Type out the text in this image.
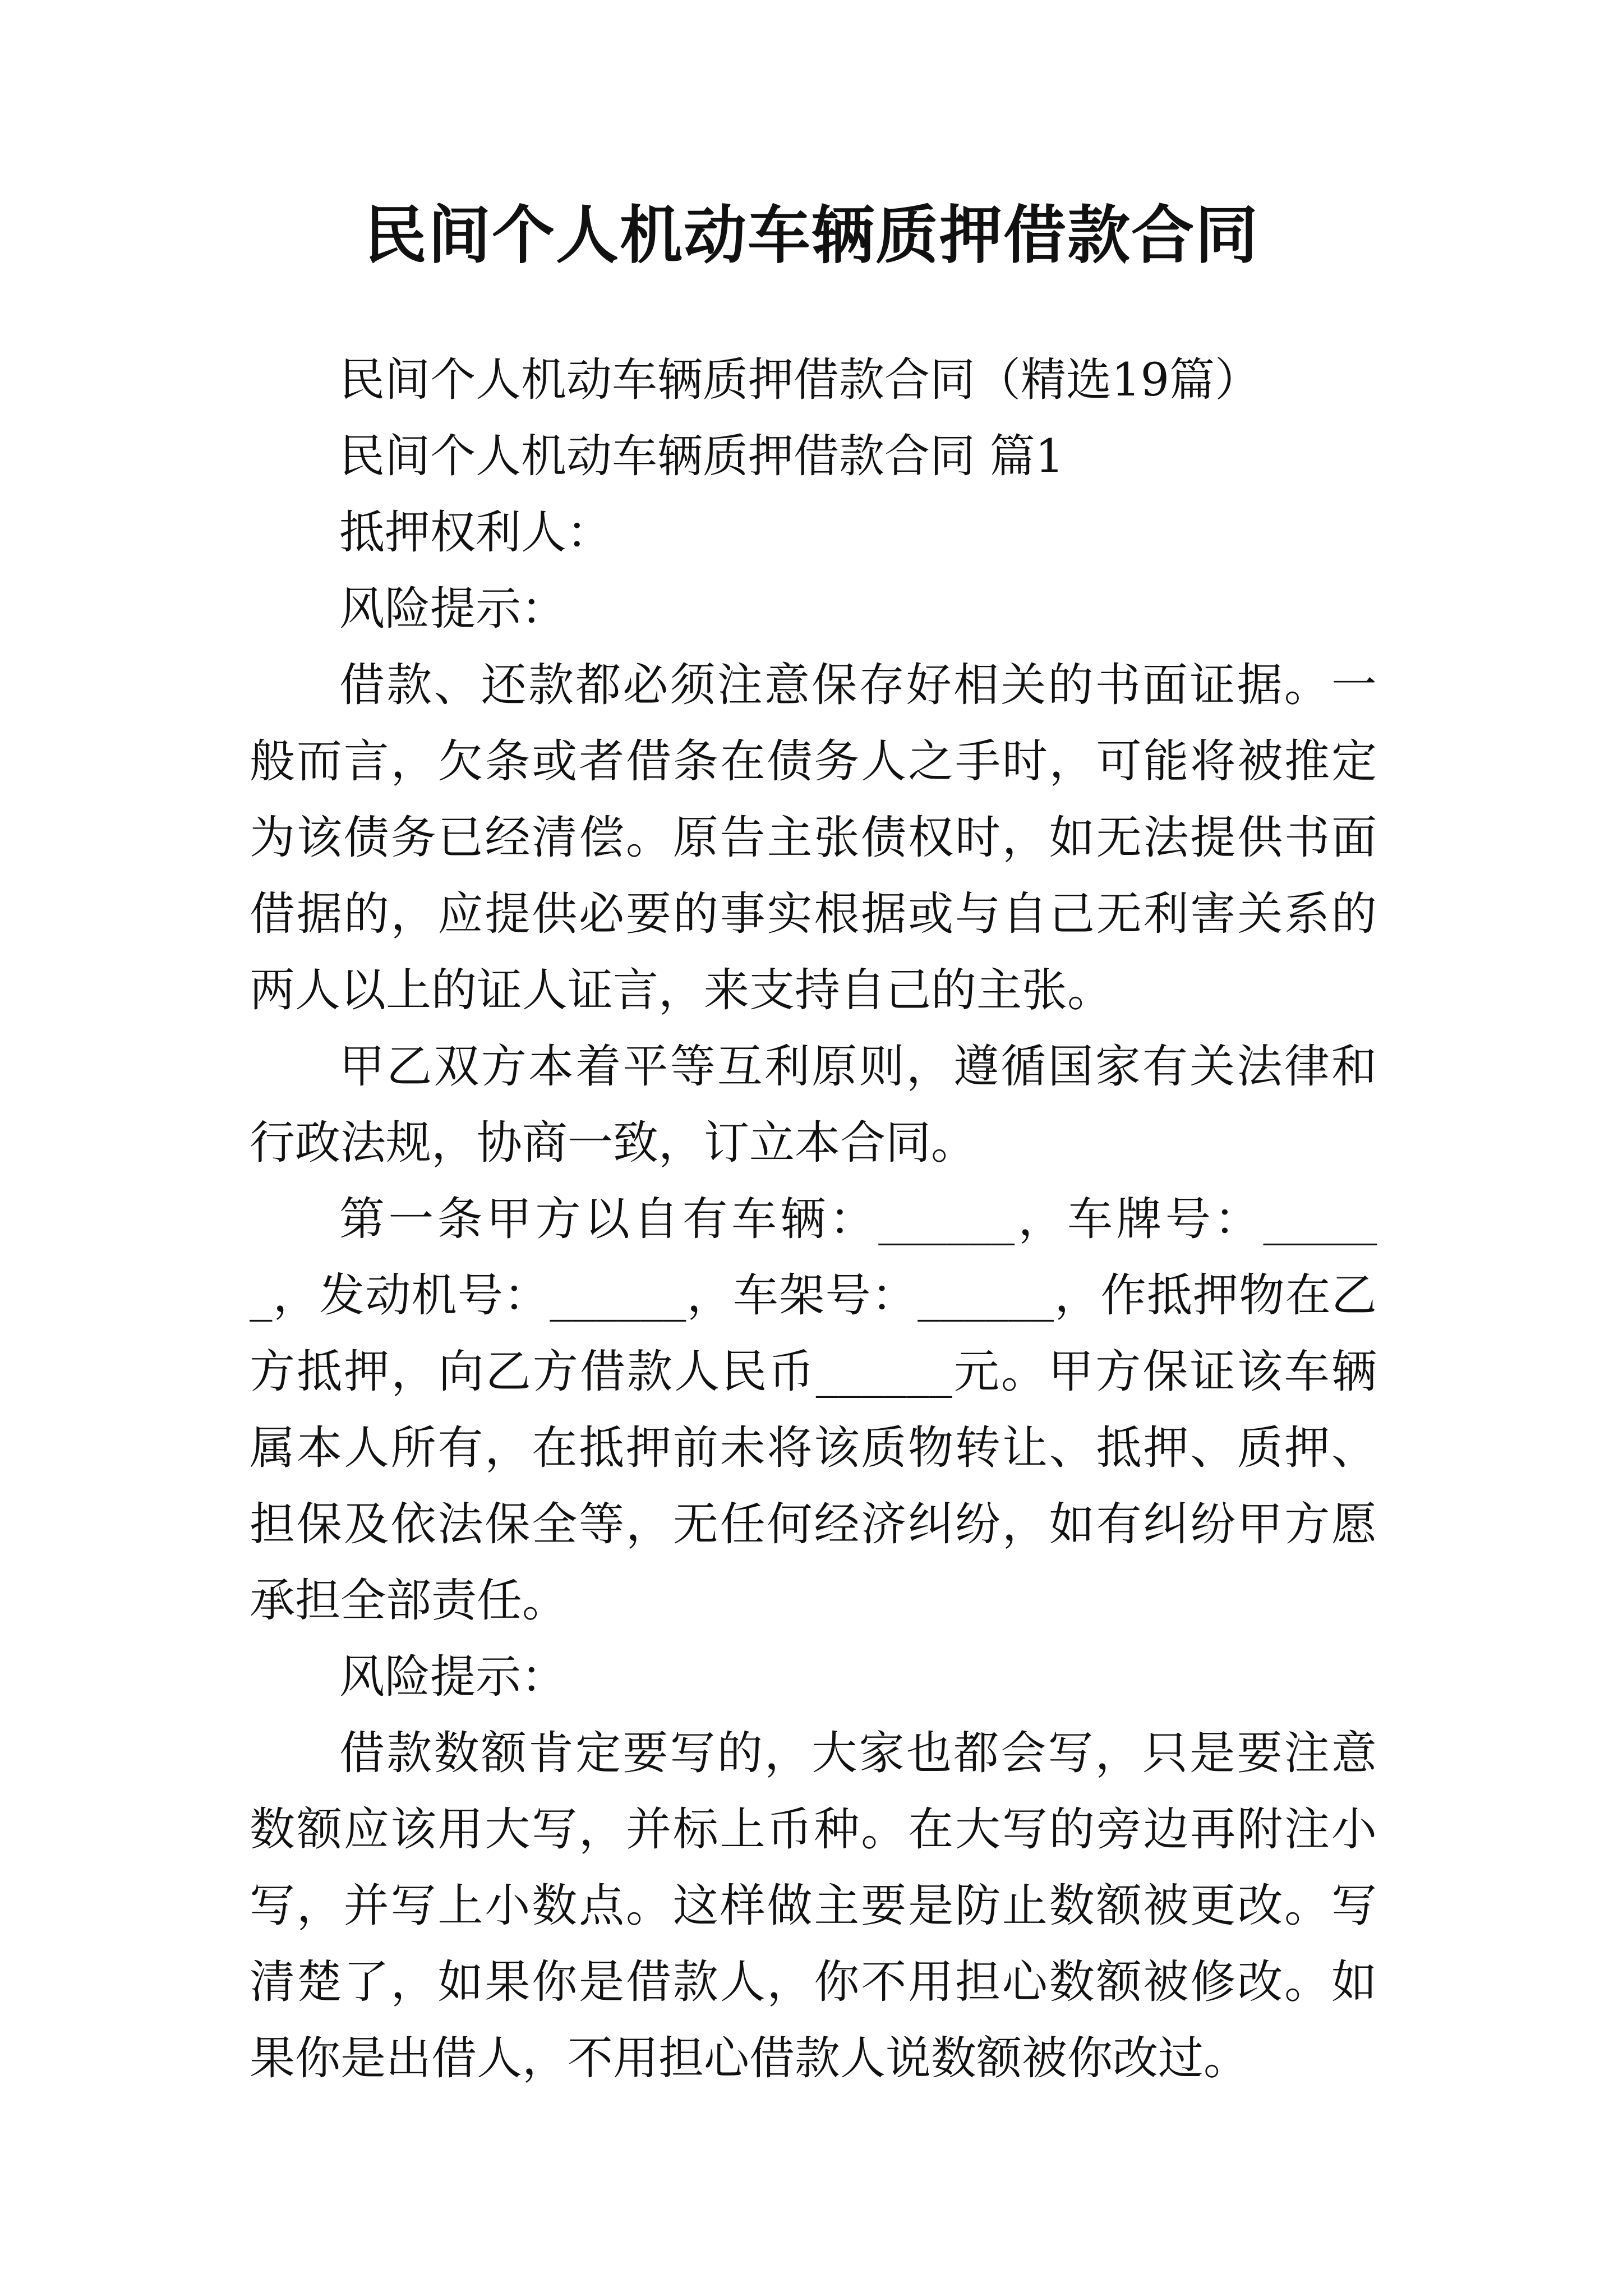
民间个人机动车辆质押借款合同

民间个人机动车辆质押借款合同（精选19篇）

民间个人机动车辆质押借款合同 篇1

抵押权利人：

风险提示：

借款、还款都必须注意保存好相关的书面证据。一般而言，欠条或者借条在债务人之手时，可能将被推定为该债务已经清偿。原告主张债权时，如无法提供书面借据的，应提供必要的事实根据或与自己无利害关系的两人以上的证人证言，来支持自己的主张。

甲乙双方本着平等互利原则，遵循国家有关法律和行政法规，协商一致，订立本合同。

第一条甲方以自有车辆：______，车牌号：______，发动机号：______，车架号：______，作抵押物在乙方抵押，向乙方借款人民币______元。甲方保证该车辆属本人所有，在抵押前未将该质物转让、抵押、质押、担保及依法保全等，无任何经济纠纷，如有纠纷甲方愿承担全部责任。

风险提示：

借款数额肯定要写的，大家也都会写，只是要注意数额应该用大写，并标上币种。在大写的旁边再附注小写，并写上小数点。这样做主要是防止数额被更改。写清楚了，如果你是借款人，你不用担心数额被修改。如果你是出借人，不用担心借款人说数额被你改过。
